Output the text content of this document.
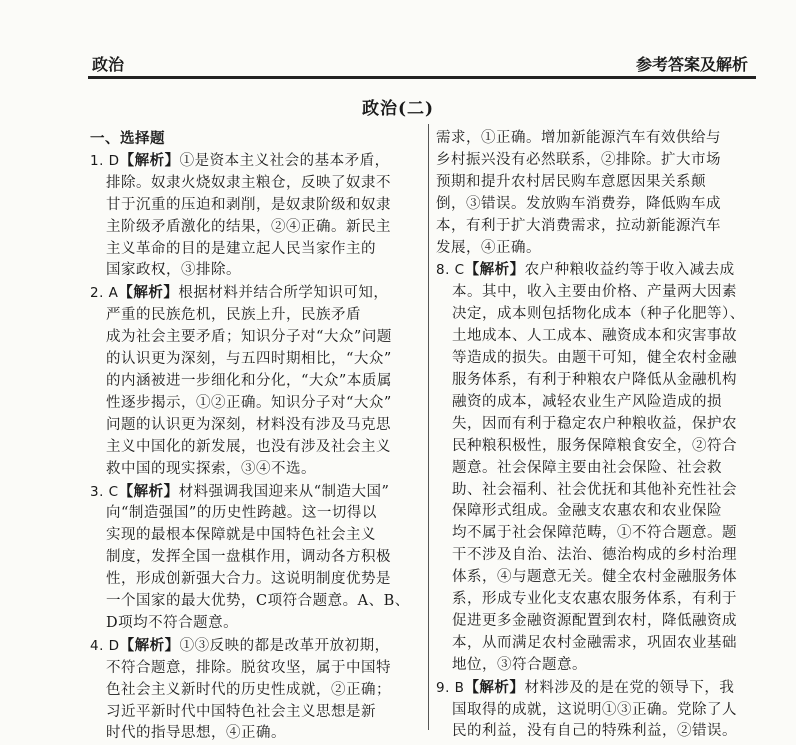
政治	参考答案及解析
政治(二)
一、选择题
1. D【解析】①是资本主义社会的基本矛盾，
排除。奴隶火烧奴隶主粮仓，反映了奴隶不
甘于沉重的压迫和剥削，是奴隶阶级和奴隶
主阶级矛盾激化的结果，②④正确。新民主
主义革命的目的是建立起人民当家作主的
国家政权，③排除。
2. A【解析】根据材料并结合所学知识可知，
严重的民族危机，民族上升，民族矛盾
成为社会主要矛盾；知识分子对“大众”问题
的认识更为深刻，与五四时期相比，“大众”
的内涵被进一步细化和分化，“大众”本质属
性逐步揭示，①②正确。知识分子对“大众”
问题的认识更为深刻，材料没有涉及马克思
主义中国化的新发展，也没有涉及社会主义
救中国的现实探索，③④不选。
3. C【解析】材料强调我国迎来从“制造大国”
向“制造强国”的历史性跨越。这一切得以
实现的最根本保障就是中国特色社会主义
制度，发挥全国一盘棋作用，调动各方积极
性，形成创新强大合力。这说明制度优势是
一个国家的最大优势，C项符合题意。A、B、
D项均不符合题意。
4. D【解析】①③反映的都是改革开放初期，
不符合题意，排除。脱贫攻坚，属于中国特
色社会主义新时代的历史性成就，②正确；
习近平新时代中国特色社会主义思想是新
时代的指导思想，④正确。
需求，①正确。增加新能源汽车有效供给与
乡村振兴没有必然联系，②排除。扩大市场
预期和提升农村居民购车意愿因果关系颠
倒，③错误。发放购车消费券，降低购车成
本，有利于扩大消费需求，拉动新能源汽车
发展，④正确。
8. C【解析】农户种粮收益约等于收入减去成
本。其中，收入主要由价格、产量两大因素
决定，成本则包括物化成本（种子化肥等）、
土地成本、人工成本、融资成本和灾害事故
等造成的损失。由题干可知，健全农村金融
服务体系，有利于种粮农户降低从金融机构
融资的成本，减轻农业生产风险造成的损
失，因而有利于稳定农户种粮收益，保护农
民种粮积极性，服务保障粮食安全，②符合
题意。社会保障主要由社会保险、社会救
助、社会福利、社会优抚和其他补充性社会
保障形式组成。金融支农惠农和农业保险
均不属于社会保障范畴，①不符合题意。题
干不涉及自治、法治、德治构成的乡村治理
体系，④与题意无关。健全农村金融服务体
系，形成专业化支农惠农服务体系，有利于
促进更多金融资源配置到农村，降低融资成
本，从而满足农村金融需求，巩固农业基础
地位，③符合题意。
9. B【解析】材料涉及的是在党的领导下，我
国取得的成就，这说明①③正确。党除了人
民的利益，没有自己的特殊利益，②错误。
